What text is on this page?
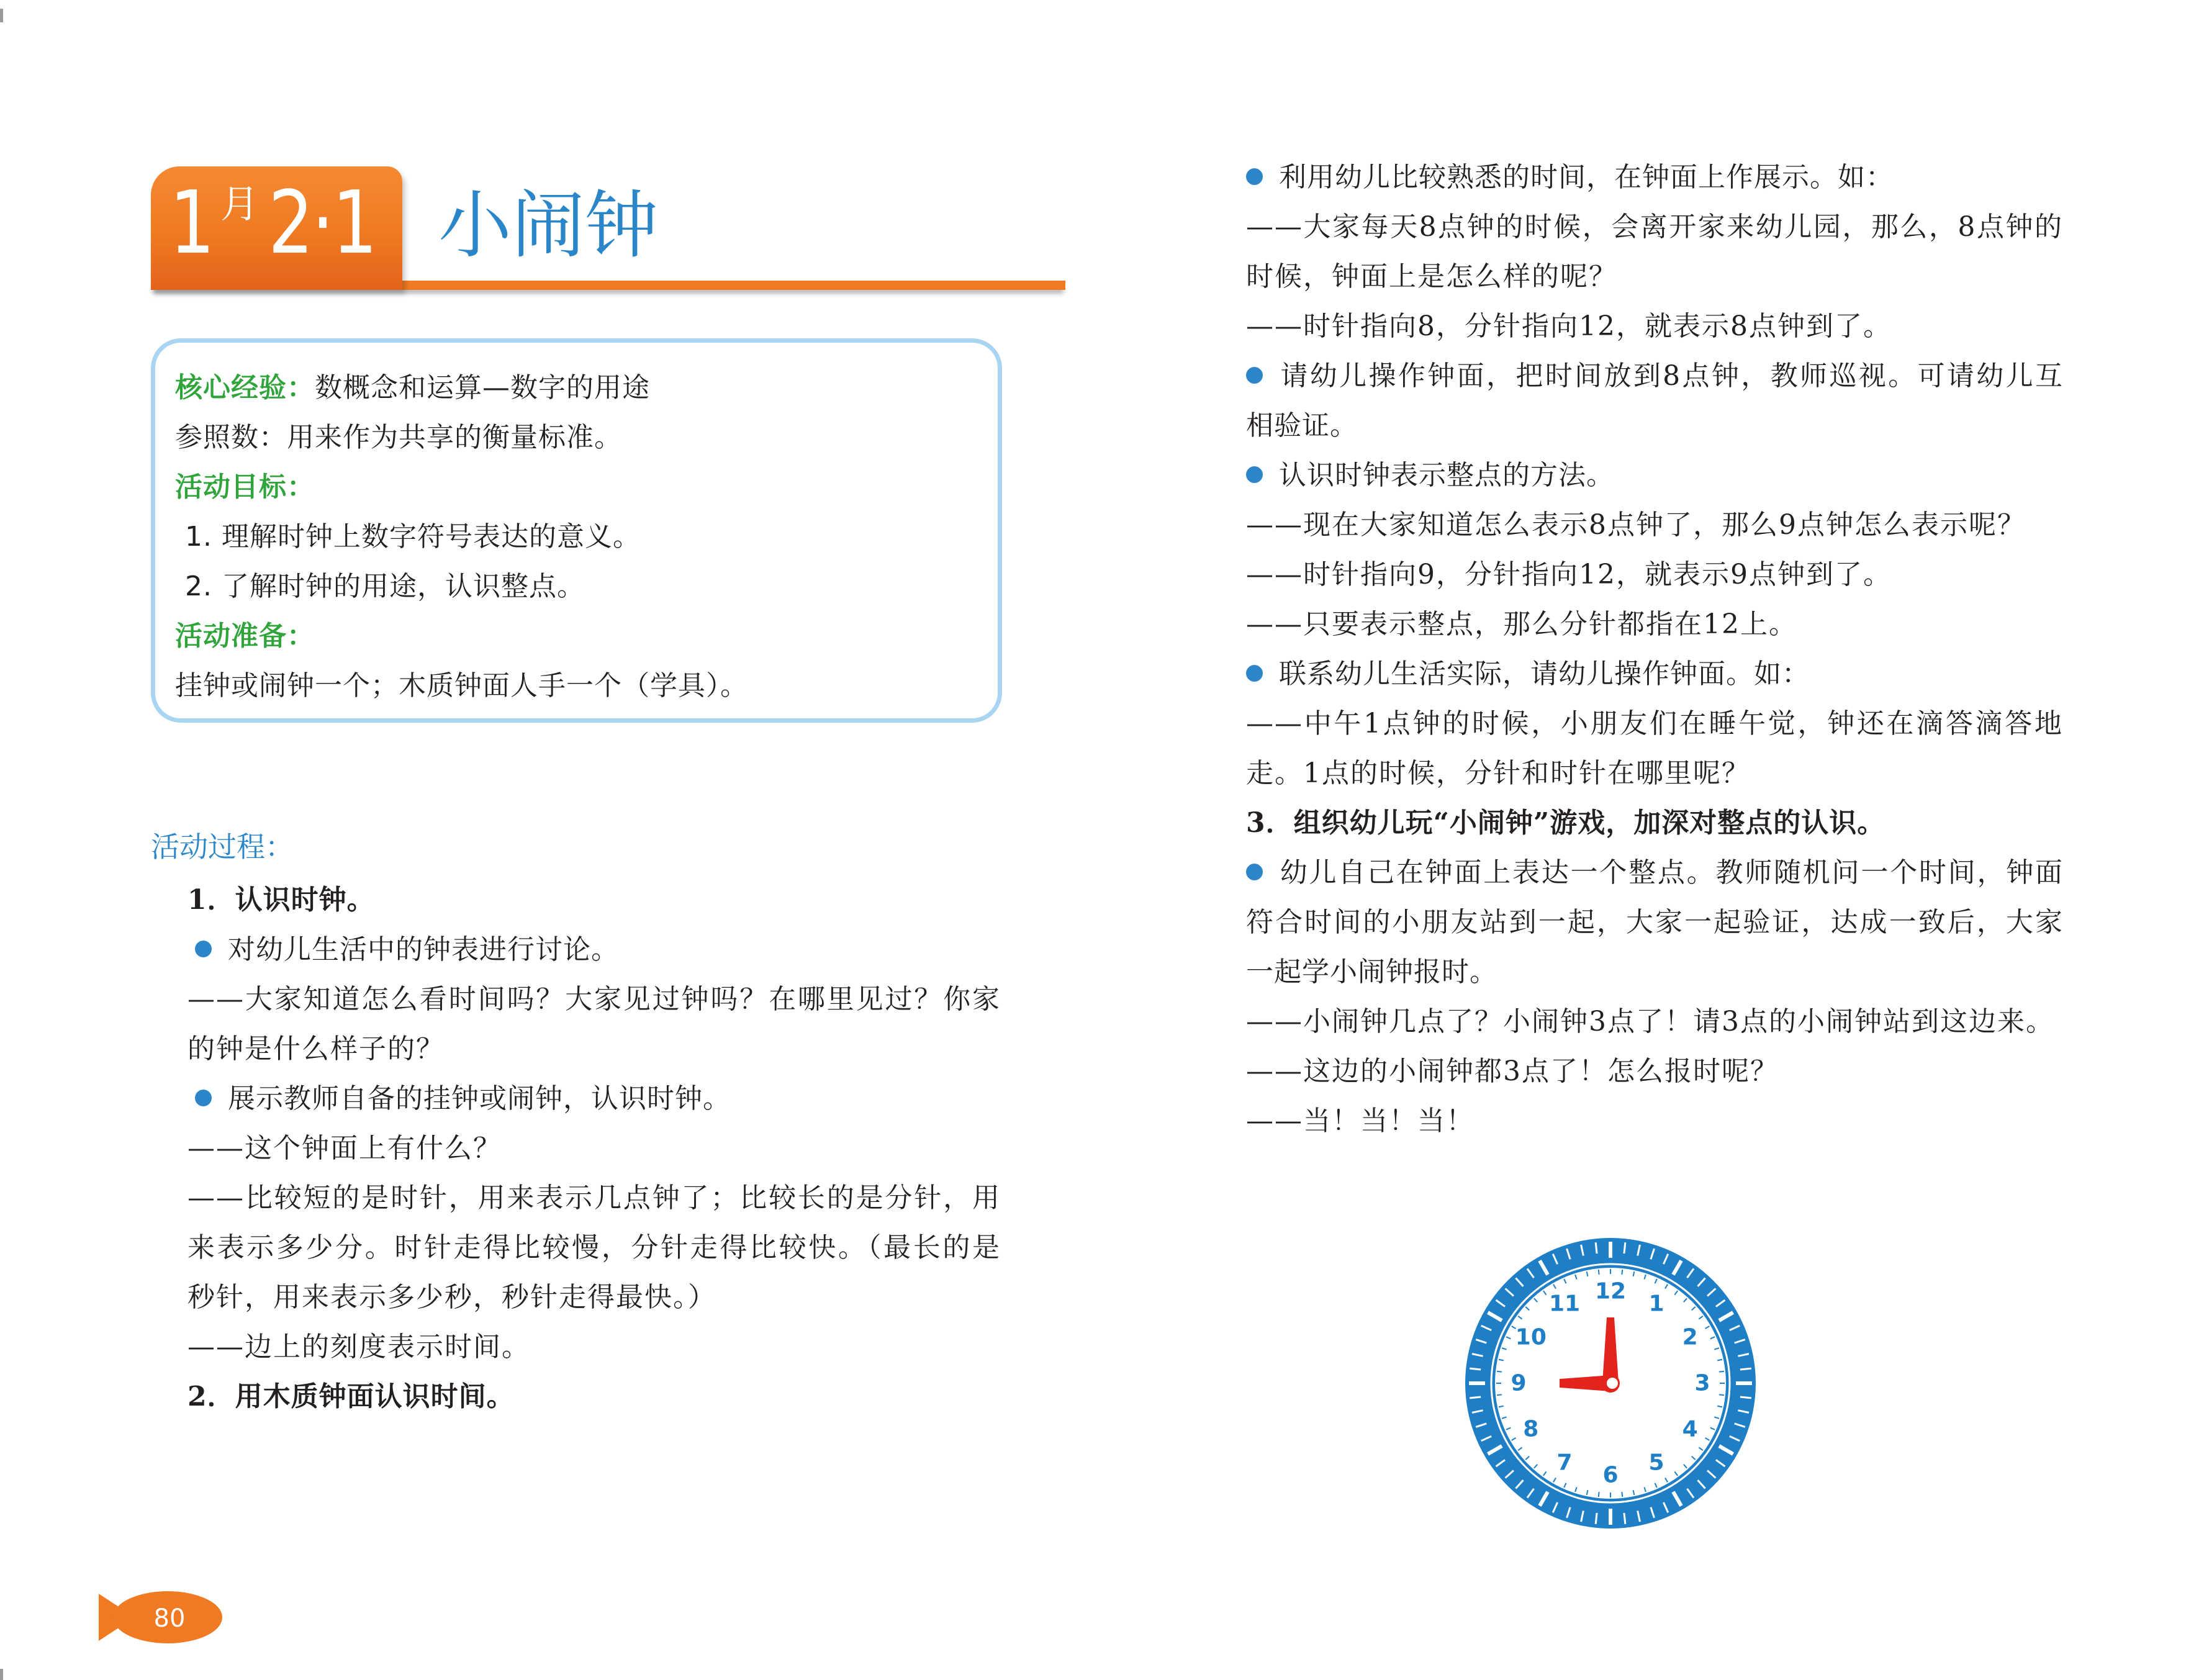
1 月 2·1 小闹钟
核心经验：数概念和运算—数字的用途
参照数：用来作为共享的衡量标准。
活动目标：
1. 理解时钟上数字符号表达的意义。
2. 了解时钟的用途，认识整点。
活动准备：
挂钟或闹钟一个；木质钟面人手一个（学具）。
活动过程：
1．认识时钟。
对幼儿生活中的钟表进行讨论。
——大家知道怎么看时间吗？大家见过钟吗？在哪里见过？你家
的钟是什么样子的？
展示教师自备的挂钟或闹钟，认识时钟。
——这个钟面上有什么？
——比较短的是时针，用来表示几点钟了；比较长的是分针，用
来表示多少分。时针走得比较慢，分针走得比较快。（最长的是
秒针，用来表示多少秒，秒针走得最快。）
——边上的刻度表示时间。
2．用木质钟面认识时间。
利用幼儿比较熟悉的时间，在钟面上作展示。如：
——大家每天8点钟的时候，会离开家来幼儿园，那么，8点钟的
时候，钟面上是怎么样的呢？
——时针指向8，分针指向12，就表示8点钟到了。
请幼儿操作钟面，把时间放到8点钟，教师巡视。可请幼儿互
相验证。
认识时钟表示整点的方法。
——现在大家知道怎么表示8点钟了，那么9点钟怎么表示呢？
——时针指向9，分针指向12，就表示9点钟到了。
——只要表示整点，那么分针都指在12上。
联系幼儿生活实际，请幼儿操作钟面。如：
——中午1点钟的时候，小朋友们在睡午觉，钟还在滴答滴答地
走。1点的时候，分针和时针在哪里呢？
3．组织幼儿玩“小闹钟”游戏，加深对整点的认识。
幼儿自己在钟面上表达一个整点。教师随机问一个时间，钟面
符合时间的小朋友站到一起，大家一起验证，达成一致后，大家
一起学小闹钟报时。
——小闹钟几点了？小闹钟3点了！请3点的小闹钟站到这边来。
——这边的小闹钟都3点了！怎么报时呢？
——当！当！当！
12 1
2
3
4
5
6
7
8
9
10
11
80
